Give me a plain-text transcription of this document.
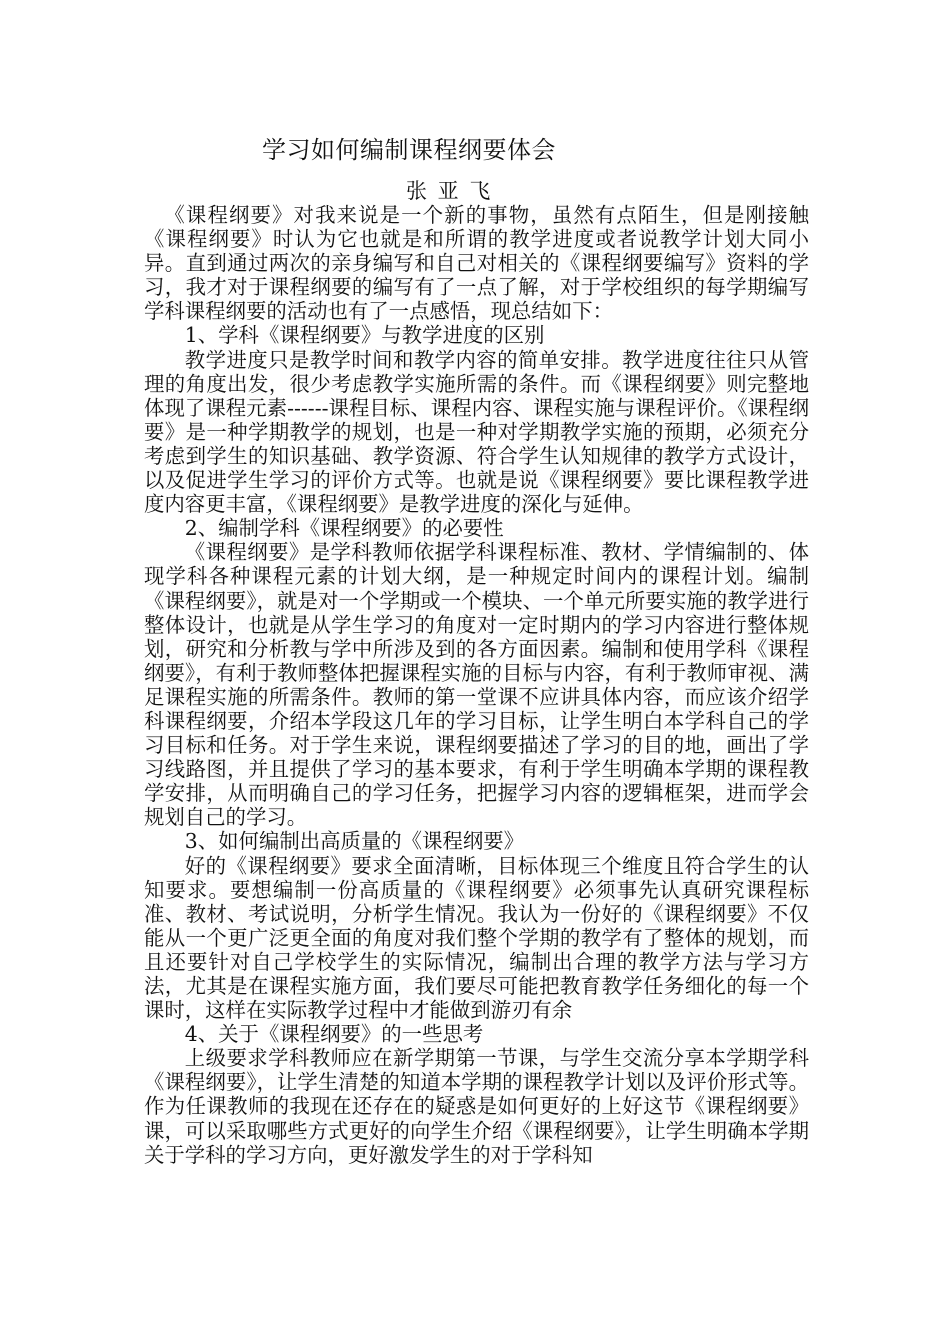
学习如何编制课程纲要体会
张 亚 飞

《课程纲要》对我来说是一个新的事物，虽然有点陌生，但是刚接触《课程纲要》时认为它也就是和所谓的教学进度或者说教学计划大同小异。直到通过两次的亲身编写和自己对相关的《课程纲要编写》资料的学习，我才对于课程纲要的编写有了一点了解，对于学校组织的每学期编写学科课程纲要的活动也有了一点感悟，现总结如下：

1、学科《课程纲要》与教学进度的区别

教学进度只是教学时间和教学内容的简单安排。教学进度往往只从管理的角度出发，很少考虑教学实施所需的条件。而《课程纲要》则完整地体现了课程元素------课程目标、课程内容、课程实施与课程评价。《课程纲要》是一种学期教学的规划，也是一种对学期教学实施的预期，必须充分考虑到学生的知识基础、教学资源、符合学生认知规律的教学方式设计，以及促进学生学习的评价方式等。也就是说《课程纲要》要比课程教学进度内容更丰富，《课程纲要》是教学进度的深化与延伸。

2、编制学科《课程纲要》的必要性

《课程纲要》是学科教师依据学科课程标准、教材、学情编制的、体现学科各种课程元素的计划大纲，是一种规定时间内的课程计划。编制《课程纲要》，就是对一个学期或一个模块、一个单元所要实施的教学进行整体设计，也就是从学生学习的角度对一定时期内的学习内容进行整体规划，研究和分析教与学中所涉及到的各方面因素。编制和使用学科《课程纲要》，有利于教师整体把握课程实施的目标与内容，有利于教师审视、满足课程实施的所需条件。教师的第一堂课不应讲具体内容，而应该介绍学科课程纲要，介绍本学段这几年的学习目标，让学生明白本学科自己的学习目标和任务。对于学生来说，课程纲要描述了学习的目的地，画出了学习线路图，并且提供了学习的基本要求，有利于学生明确本学期的课程教学安排，从而明确自己的学习任务，把握学习内容的逻辑框架，进而学会规划自己的学习。

3、如何编制出高质量的《课程纲要》

好的《课程纲要》要求全面清晰，目标体现三个维度且符合学生的认知要求。要想编制一份高质量的《课程纲要》必须事先认真研究课程标准、教材、考试说明，分析学生情况。我认为一份好的《课程纲要》不仅能从一个更广泛更全面的角度对我们整个学期的教学有了整体的规划，而且还要针对自己学校学生的实际情况，编制出合理的教学方法与学习方法，尤其是在课程实施方面，我们要尽可能把教育教学任务细化的每一个课时，这样在实际教学过程中才能做到游刃有余

4、关于《课程纲要》的一些思考

上级要求学科教师应在新学期第一节课，与学生交流分享本学期学科《课程纲要》，让学生清楚的知道本学期的课程教学计划以及评价形式等。作为任课教师的我现在还存在的疑惑是如何更好的上好这节《课程纲要》课，可以采取哪些方式更好的向学生介绍《课程纲要》，让学生明确本学期关于学科的学习方向，更好激发学生的对于学科知
